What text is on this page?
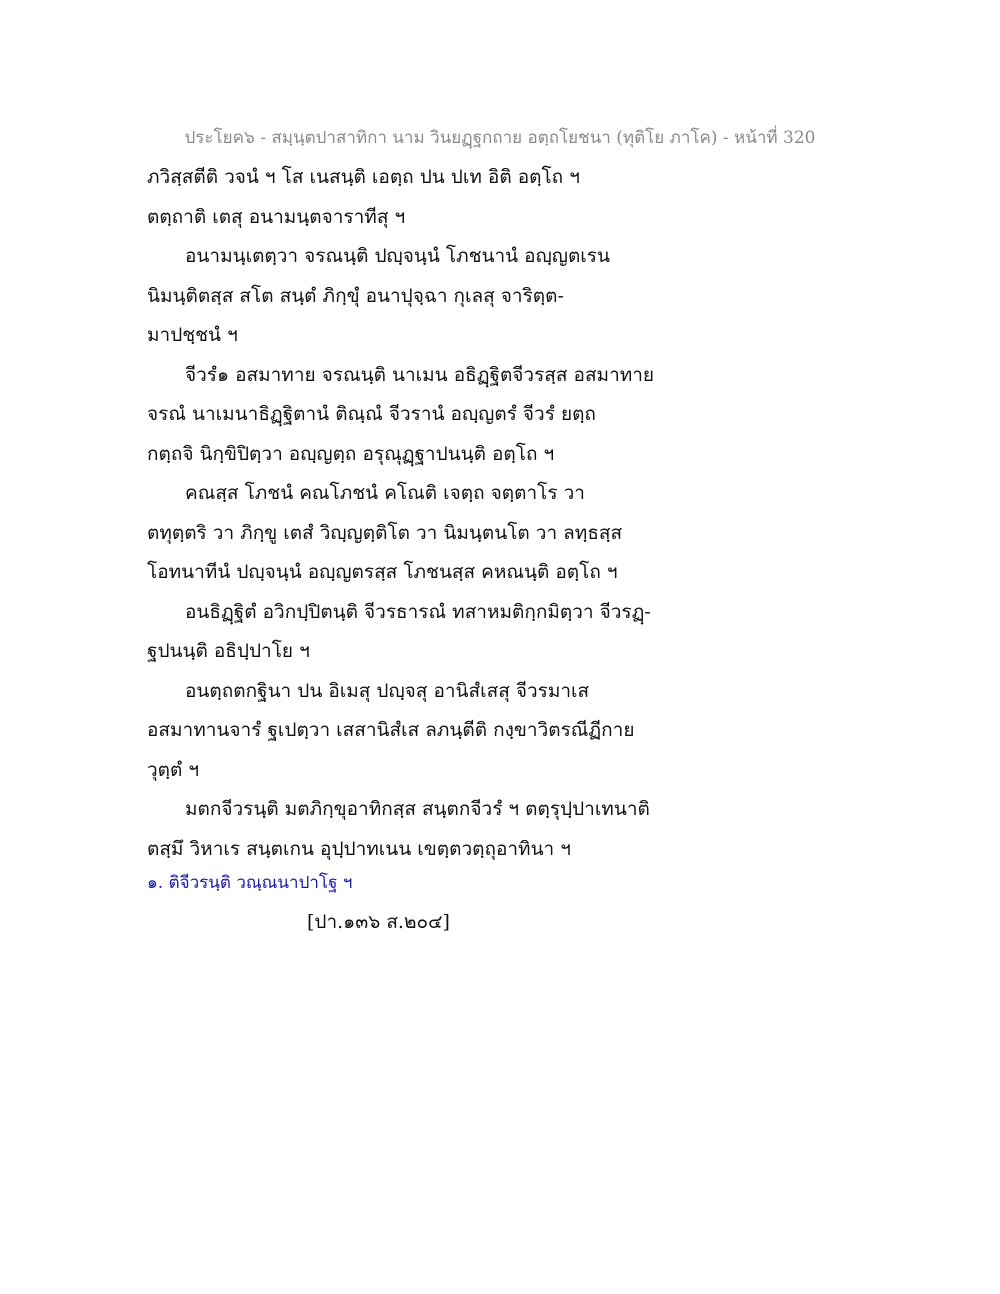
ประโยค๖ - สมฺนฺตปาสาทิกา นาม วินยฏฺฐกถาย อตฺถโยชนา (ทุติโย ภาโค) - หน้าที่ 320
ภวิสฺสตีติ วจนํ ฯ โส เนสนฺติ เอตฺถ ปน ปเท อิติ อตฺโถ ฯ
ตตฺถาติ เตสุ อนามนฺตจาราทีสุ ฯ
อนามนฺเตตฺวา จรณนฺติ ปญฺจนฺนํ โภชนานํ อญฺญตเรน
นิมนฺติตสฺส สโต สนฺตํ ภิกฺขุํ อนาปุจฺฉา กุเลสุ จาริตฺต-
มาปชฺชนํ ฯ
จีวรํ๑ อสมาทาย จรณนฺติ นาเมน อธิฏฺฐิตจีวรสฺส อสมาทาย
จรณํ นาเมนาธิฏฺฐิตานํ ติณฺณํ จีวรานํ อญฺญตรํ จีวรํ ยตฺถ
กตฺถจิ นิกฺขิปิตฺวา อญฺญตฺถ อรุณุฏฺฐาปนนฺติ อตฺโถ ฯ
คณสฺส โภชนํ คณโภชนํ คโณติ เจตฺถ จตฺตาโร วา
ตทุตฺตริ วา ภิกฺขู เตสํ วิญฺญตฺติโต วา นิมนฺตนโต วา ลทฺธสฺส
โอทนาทีนํ ปญฺจนฺนํ อญฺญตรสฺส โภชนสฺส คหณนฺติ อตฺโถ ฯ
อนธิฏฺฐิตํ อวิกปฺปิตนฺติ จีวรธารณํ ทสาหมติกฺกมิตฺวา จีวรฏฺ-
ฐปนนฺติ อธิปฺปาโย ฯ
อนตฺถตกฐินา ปน อิเมสุ ปญฺจสุ อานิสํเสสุ จีวรมาเส
อสมาทานจารํ ฐเปตฺวา เสสานิสํเส ลภนฺตีติ กงฺขาวิตรณีฏีกาย
วุตฺตํ ฯ
มตกจีวรนฺติ มตภิกฺขุอาทิกสฺส สนฺตกจีวรํ ฯ ตตฺรุปฺปาเทนาติ
ตสฺมึ วิหาเร สนฺตเกน อุปฺปาทเนน เขตฺตวตฺถุอาทินา ฯ
๑. ติจีวรนฺติ วณฺณนาปาโฐ ฯ
[ปา.๑๓๖ ส.๒๐๔]
